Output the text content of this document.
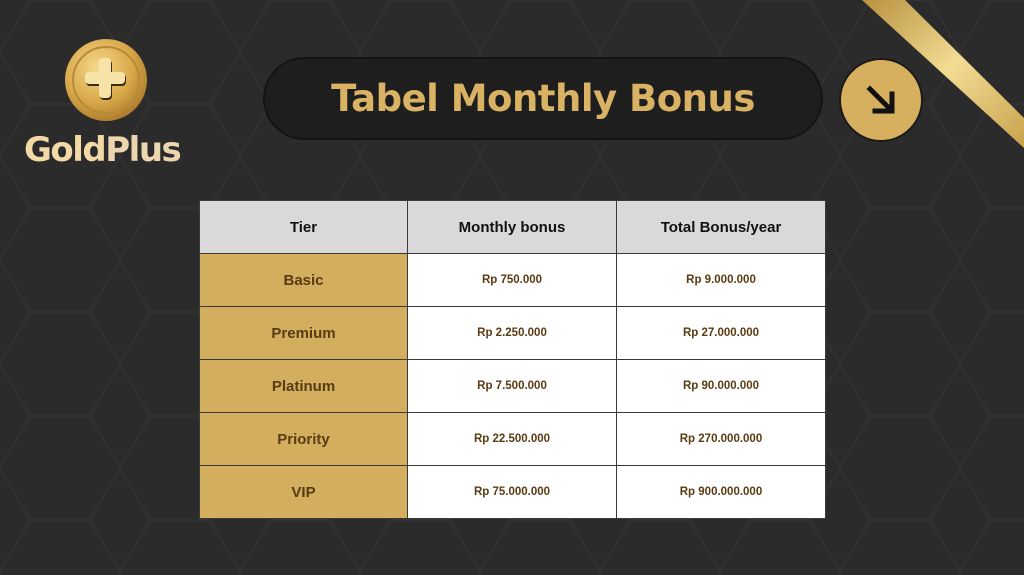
GoldPlus
Tabel Monthly Bonus
Tier	Monthly bonus	Total Bonus/year
Basic	Rp 750.000	Rp 9.000.000
Premium	Rp 2.250.000	Rp 27.000.000
Platinum	Rp 7.500.000	Rp 90.000.000
Priority	Rp 22.500.000	Rp 270.000.000
VIP	Rp 75.000.000	Rp 900.000.000
